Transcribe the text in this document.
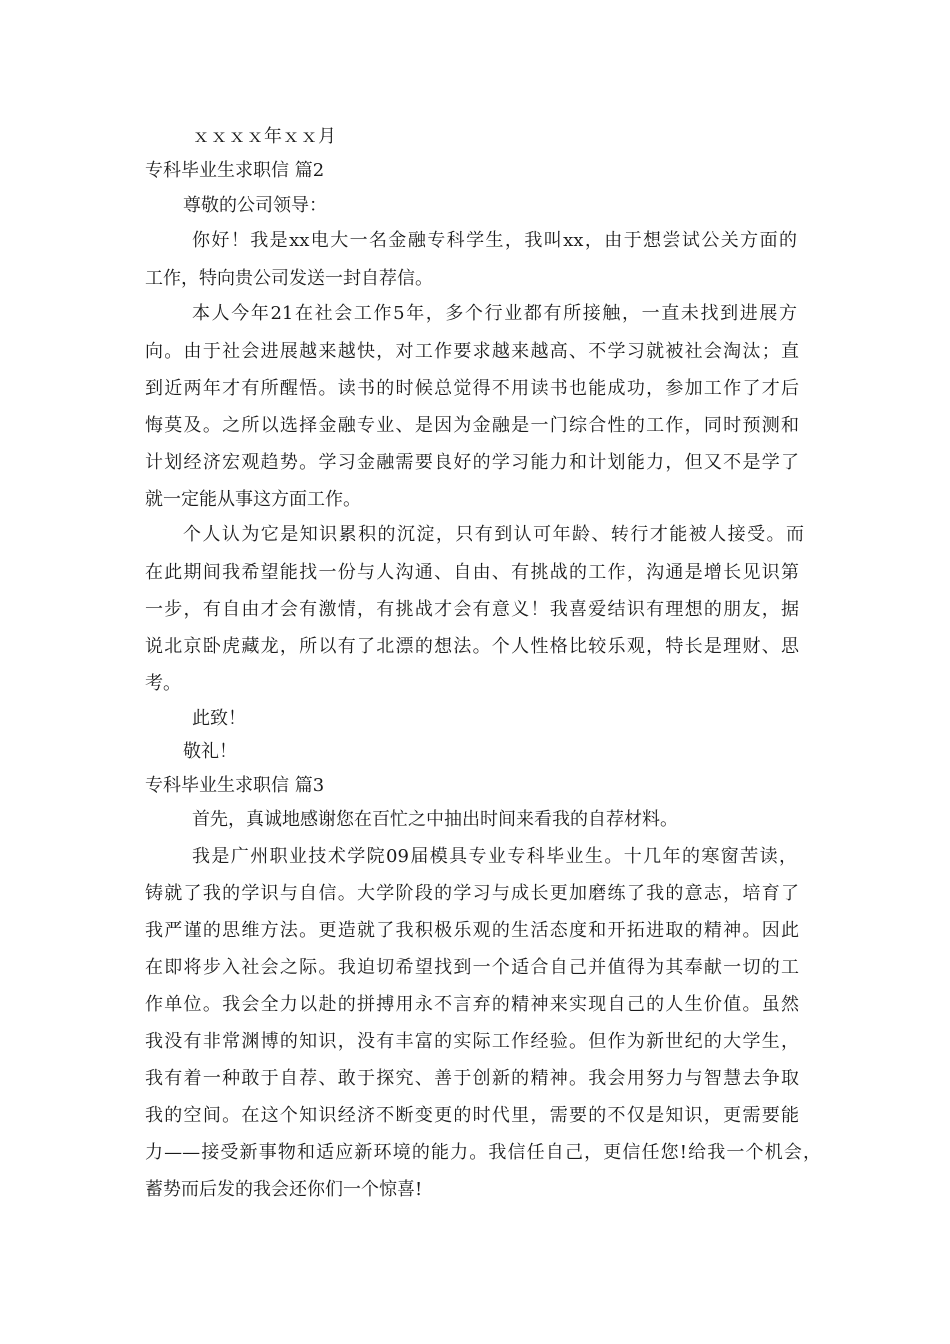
ｘｘｘｘ年ｘｘ月

专科毕业生求职信 篇2

尊敬的公司领导：

你好！我是xx电大一名金融专科学生，我叫xx，由于想尝试公关方面的

工作，特向贵公司发送一封自荐信。

本人今年21在社会工作5年，多个行业都有所接触，一直未找到进展方

向。由于社会进展越来越快，对工作要求越来越高、不学习就被社会淘汰；直

到近两年才有所醒悟。读书的时候总觉得不用读书也能成功，参加工作了才后

悔莫及。之所以选择金融专业、是因为金融是一门综合性的工作，同时预测和

计划经济宏观趋势。学习金融需要良好的学习能力和计划能力，但又不是学了

就一定能从事这方面工作。

个人认为它是知识累积的沉淀，只有到认可年龄、转行才能被人接受。而

在此期间我希望能找一份与人沟通、自由、有挑战的工作，沟通是增长见识第

一步，有自由才会有激情，有挑战才会有意义！我喜爱结识有理想的朋友，据

说北京卧虎藏龙，所以有了北漂的想法。个人性格比较乐观，特长是理财、思

考。

此致！

敬礼！

专科毕业生求职信 篇3

首先，真诚地感谢您在百忙之中抽出时间来看我的自荐材料。

我是广州职业技术学院09届模具专业专科毕业生。十几年的寒窗苦读，

铸就了我的学识与自信。大学阶段的学习与成长更加磨练了我的意志，培育了

我严谨的思维方法。更造就了我积极乐观的生活态度和开拓进取的精神。因此

在即将步入社会之际。我迫切希望找到一个适合自己并值得为其奉献一切的工

作单位。我会全力以赴的拼搏用永不言弃的精神来实现自己的人生价值。虽然

我没有非常渊博的知识，没有丰富的实际工作经验。但作为新世纪的大学生，

我有着一种敢于自荐、敢于探究、善于创新的精神。我会用努力与智慧去争取

我的空间。在这个知识经济不断变更的时代里，需要的不仅是知识，更需要能

力——接受新事物和适应新环境的能力。我信任自己，更信任您!给我一个机会，

蓄势而后发的我会还你们一个惊喜!
